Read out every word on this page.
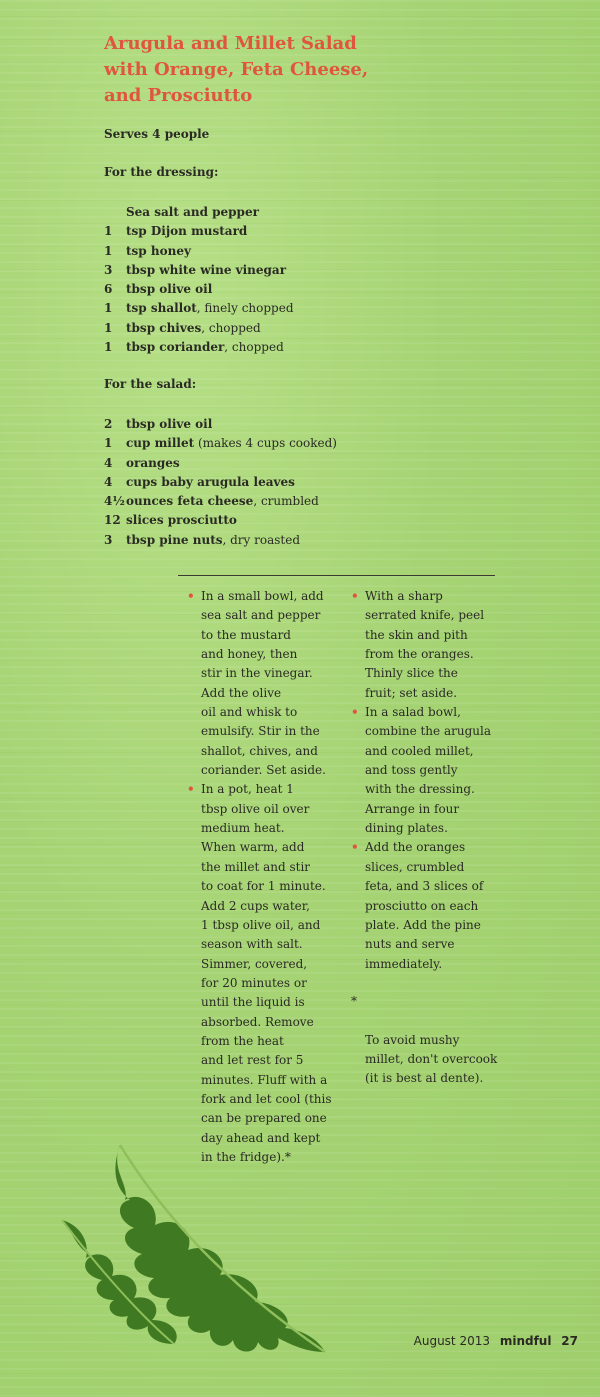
Arugula and Millet Salad
with Orange, Feta Cheese,
and Prosciutto

Serves 4 people

For the dressing:

Sea salt and pepper
1 tsp Dijon mustard
1 tsp honey
3 tbsp white wine vinegar
6 tbsp olive oil
1 tsp shallot, finely chopped
1 tbsp chives, chopped
1 tbsp coriander, chopped

For the salad:

2 tbsp olive oil
1 cup millet (makes 4 cups cooked)
4 oranges
4 cups baby arugula leaves
4½ounces feta cheese, crumbled
12 slices prosciutto
3 tbsp pine nuts, dry roasted
• In a small bowl, add
sea salt and pepper
to the mustard
and honey, then
stir in the vinegar.
Add the olive
oil and whisk to
emulsify. Stir in the
shallot, chives, and
coriander. Set aside.
• In a pot, heat 1
tbsp olive oil over
medium heat.
When warm, add
the millet and stir
to coat for 1 minute.
Add 2 cups water,
1 tbsp olive oil, and
season with salt.
Simmer, covered,
for 20 minutes or
until the liquid is
absorbed. Remove
from the heat
and let rest for 5
minutes. Fluff with a
fork and let cool (this
can be prepared one
day ahead and kept
in the fridge).*
• With a sharp
serrated knife, peel
the skin and pith
from the oranges.
Thinly slice the
fruit; set aside.
• In a salad bowl,
combine the arugula
and cooled millet,
and toss gently
with the dressing.
Arrange in four
dining plates.
• Add the oranges
slices, crumbled
feta, and 3 slices of
prosciutto on each
plate. Add the pine
nuts and serve
immediately.

*

To avoid mushy
millet, don't overcook
(it is best al dente).

August 2013 mindful 27
